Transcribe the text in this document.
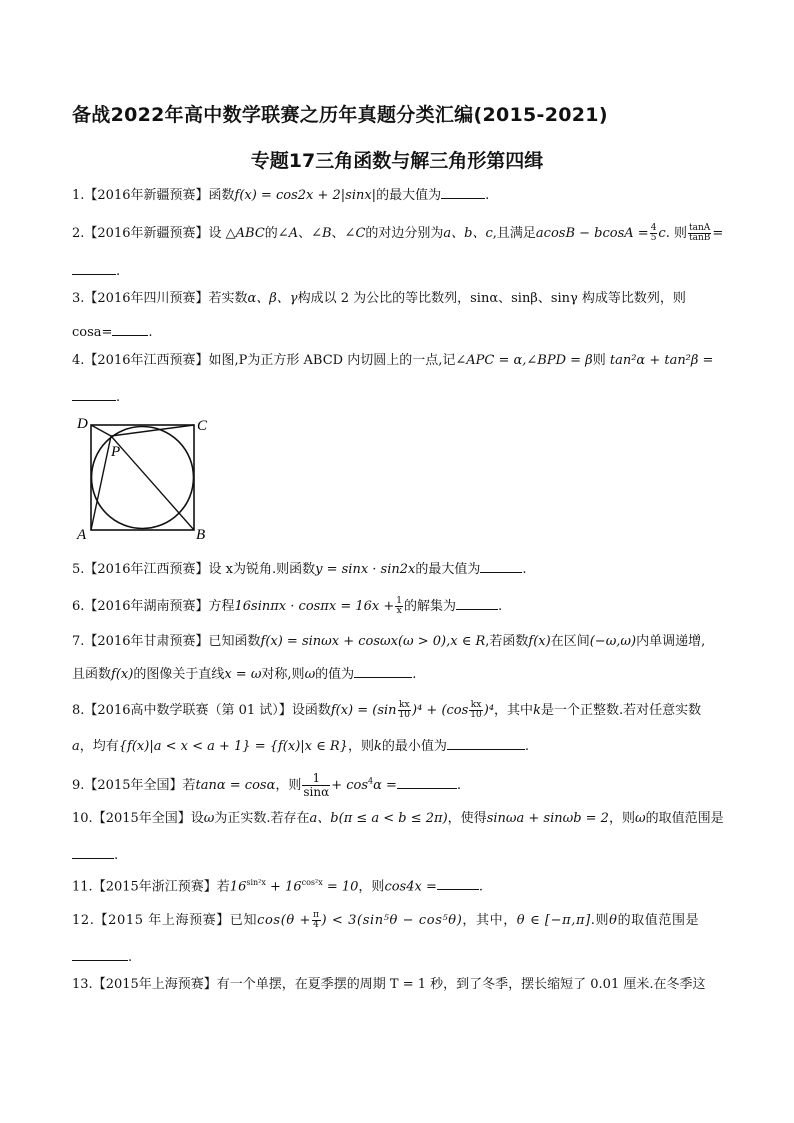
备战2022年高中数学联赛之历年真题分类汇编(2015-2021)
专题17三角函数与解三角形第四缉
1.【2016年新疆预赛】函数f(x) = cos2x + 2|sinx|的最大值为	.
2.【2016年新疆预赛】设 △ABC的∠A、∠B、∠C的对边分别为a、b、c,且满足$acosB - bcosA = \frac{4}{5} c$. 则 $\frac{\tan A}{\tan B}$ =
.
3.【2016年四川预赛】若实数α、β、γ构成以 2 为公比的等比数列，sinα、sinβ、sinγ 构成等比数列，则
cosa=	.
4.【2016年江西预赛】如图,P为正方形 ABCD 内切圆上的一点,记∠APC = α,∠BPD = β则 tan²α + tan²β =
.
D	C
P
A	B
5.【2016年江西预赛】设 x为锐角.则函数y = sinx · sin2x的最大值为	.
6.【2016年湖南预赛】方程$16\sin\pi x \cdot \cos\pi x = 16x + \frac{1}{x}$ 的解集为	.
7.【2016年甘肃预赛】已知函数f(x) = sinωx + cosωx(ω > 0),x ∈ R,若函数f(x)在区间(−ω,ω)内单调递增,
且函数f(x)的图像关于直线x = ω对称,则ω的值为	.
8.【2016高中数学联赛（第 01 试）】设函数$f(x) = (\sin \frac{kx}{10} )^4 + (\cos \frac{kx}{10} )^4$，其中k是一个正整数.若对任意实数
a，均有{f(x)|a < x < a + 1} = {f(x)|x ∈ R}，则k的最小值为	.
9.【2015年全国】若tanα = cosα，则 $\frac{1}{\sin\alpha} + \cos^4\alpha$ =	.
10.【2015年全国】设ω为正实数.若存在a、b(π ≤ a < b ≤ 2π)，使得sinωa + sinωb = 2，则ω的取值范围是
.
11.【2015年浙江预赛】若$16^{sin^2x} + 16^{cos^2x} = 10$，则cos4x =	.
12.【2015 年上海预赛】已知$\cos(\theta + \frac{\pi}{4}$ ) < 3(sin⁵θ − cos⁵θ)，其中，θ ∈ [−π,π].则θ的取值范围是
.
13.【2015年上海预赛】有一个单摆，在夏季摆的周期 T = 1 秒，到了冬季，摆长缩短了 0.01 厘米.在冬季这
